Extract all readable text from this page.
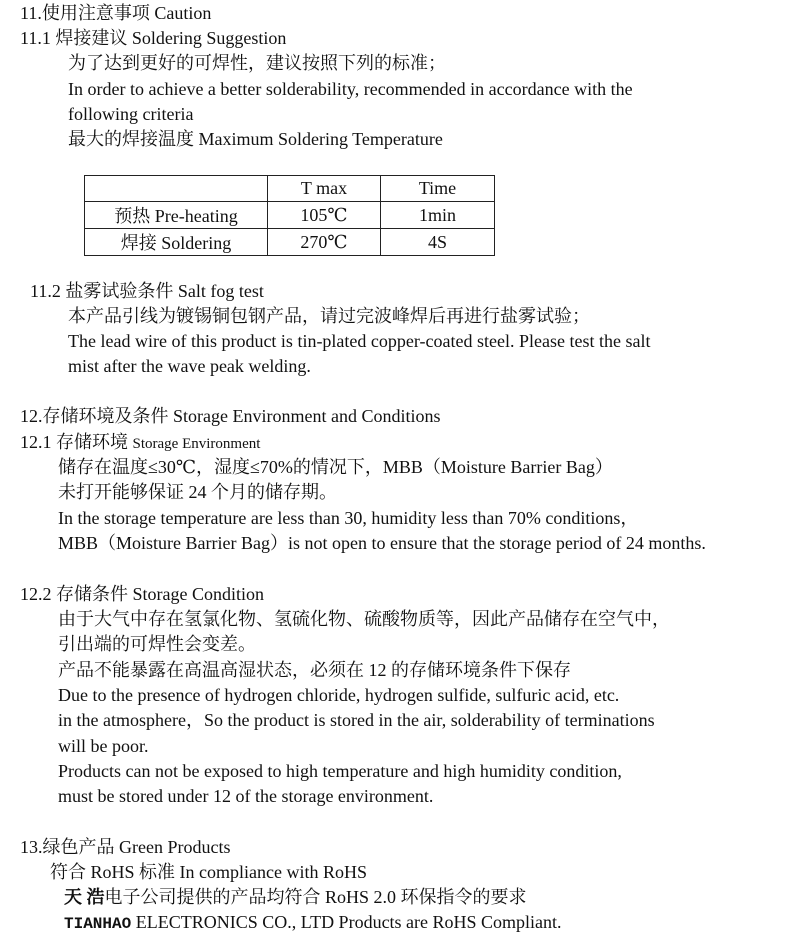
11.使用注意事项 Caution
11.1 焊接建议 Soldering Suggestion
为了达到更好的可焊性，建议按照下列的标准；
In order to achieve a better solderability, recommended in accordance with the
following criteria
最大的焊接温度 Maximum Soldering Temperature
	T max	Time
预热 Pre-heating	105℃	1min
焊接 Soldering	270℃	4S
11.2 盐雾试验条件 Salt fog test
本产品引线为镀锡铜包钢产品，请过完波峰焊后再进行盐雾试验；
The lead wire of this product is tin-plated copper-coated steel. Please test the salt
mist after the wave peak welding.
12.存储环境及条件 Storage Environment and Conditions
12.1 存储环境 Storage Environment
储存在温度≤30℃，湿度≤70%的情况下，MBB（Moisture Barrier Bag）
未打开能够保证 24 个月的储存期。
In the storage temperature are less than 30, humidity less than 70% conditions，
MBB（Moisture Barrier Bag）is not open to ensure that the storage period of 24 months.
12.2 存储条件 Storage Condition
由于大气中存在氢氯化物、氢硫化物、硫酸物质等，因此产品储存在空气中，
引出端的可焊性会变差。
产品不能暴露在高温高湿状态，必须在 12 的存储环境条件下保存
Due to the presence of hydrogen chloride, hydrogen sulfide, sulfuric acid, etc.
in the atmosphere，So the product is stored in the air, solderability of terminations
will be poor.
Products can not be exposed to high temperature and high humidity condition,
must be stored under 12 of the storage environment.
13.绿色产品 Green Products
符合 RoHS 标准 In compliance with RoHS
天 浩电子公司提供的产品均符合 RoHS 2.0 环保指令的要求
TIANHAO ELECTRONICS CO., LTD Products are RoHS Compliant.
